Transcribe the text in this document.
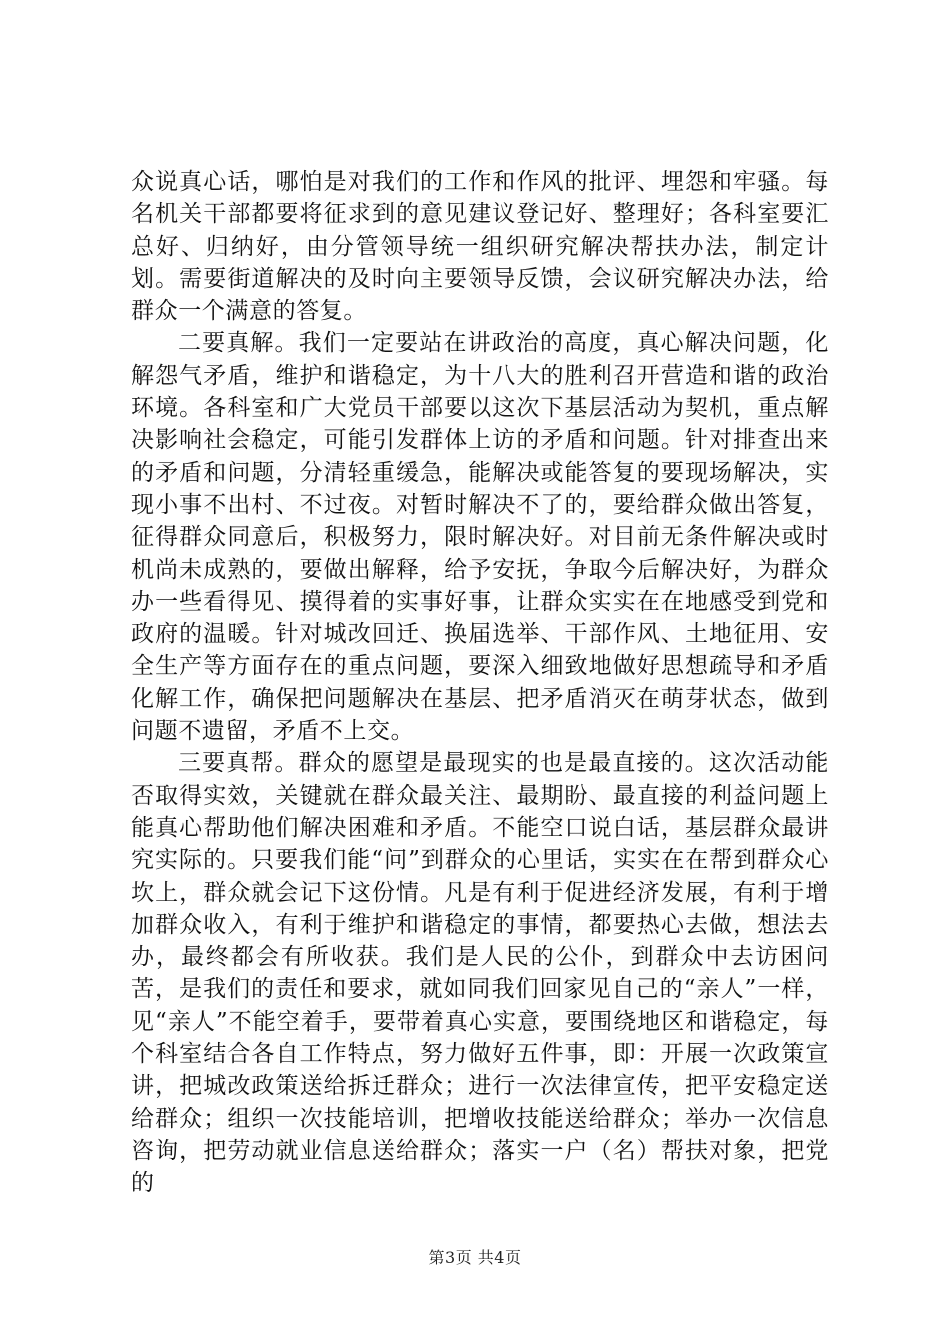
众说真心话，哪怕是对我们的工作和作风的批评、埋怨和牢骚。每名机关干部都要将征求到的意见建议登记好、整理好；各科室要汇总好、归纳好，由分管领导统一组织研究解决帮扶办法，制定计划。需要街道解决的及时向主要领导反馈，会议研究解决办法，给群众一个满意的答复。

二要真解。我们一定要站在讲政治的高度，真心解决问题，化解怨气矛盾，维护和谐稳定，为十八大的胜利召开营造和谐的政治环境。各科室和广大党员干部要以这次下基层活动为契机，重点解决影响社会稳定，可能引发群体上访的矛盾和问题。针对排查出来的矛盾和问题，分清轻重缓急，能解决或能答复的要现场解决，实现小事不出村、不过夜。对暂时解决不了的，要给群众做出答复，征得群众同意后，积极努力，限时解决好。对目前无条件解决或时机尚未成熟的，要做出解释，给予安抚，争取今后解决好，为群众办一些看得见、摸得着的实事好事，让群众实实在在地感受到党和政府的温暖。针对城改回迁、换届选举、干部作风、土地征用、安全生产等方面存在的重点问题，要深入细致地做好思想疏导和矛盾化解工作，确保把问题解决在基层、把矛盾消灭在萌芽状态，做到问题不遗留，矛盾不上交。

三要真帮。群众的愿望是最现实的也是最直接的。这次活动能否取得实效，关键就在群众最关注、最期盼、最直接的利益问题上能真心帮助他们解决困难和矛盾。不能空口说白话，基层群众最讲究实际的。只要我们能“问”到群众的心里话，实实在在帮到群众心坎上，群众就会记下这份情。凡是有利于促进经济发展，有利于增加群众收入，有利于维护和谐稳定的事情，都要热心去做，想法去办，最终都会有所收获。我们是人民的公仆，到群众中去访困问苦，是我们的责任和要求，就如同我们回家见自己的“亲人”一样，见“亲人”不能空着手，要带着真心实意，要围绕地区和谐稳定，每个科室结合各自工作特点，努力做好五件事，即：开展一次政策宣讲，把城改政策送给拆迁群众；进行一次法律宣传，把平安稳定送给群众；组织一次技能培训，把增收技能送给群众；举办一次信息咨询，把劳动就业信息送给群众；落实一户（名）帮扶对象，把党的

第3页 共4页
